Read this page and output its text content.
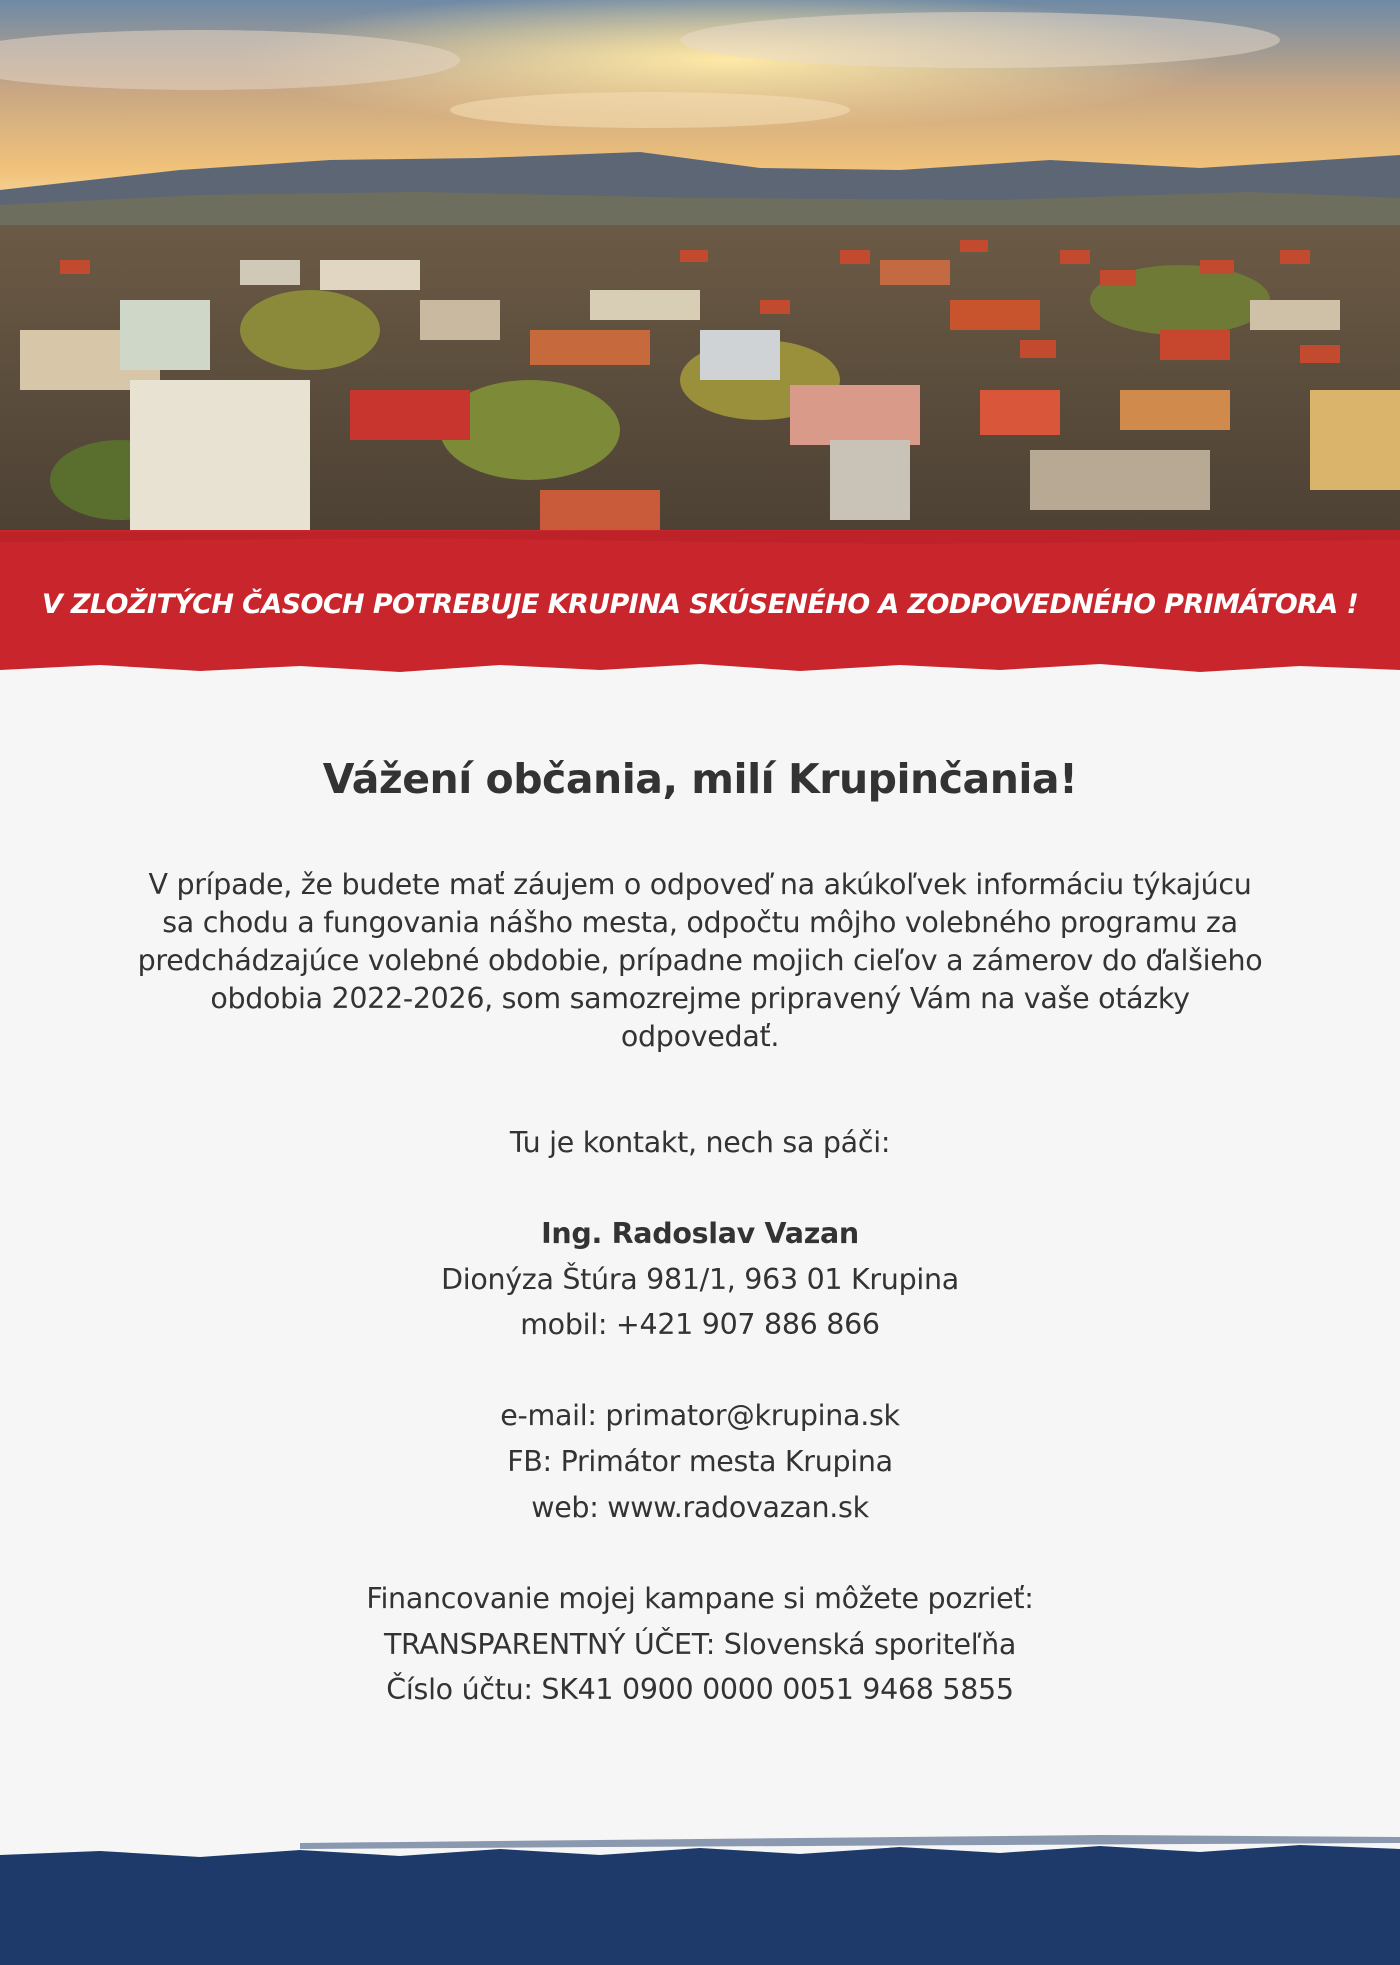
V ZLOŽITÝCH ČASOCH POTREBUJE KRUPINA SKÚSENÉHO A ZODPOVEDNÉHO PRIMÁTORA !
Vážení občania, milí Krupinčania!
V prípade, že budete mať záujem o odpoveď na akúkoľvek informáciu týkajúcu
sa chodu a fungovania nášho mesta, odpočtu môjho volebného programu za
predchádzajúce volebné obdobie, prípadne mojich cieľov a zámerov do ďalšieho
obdobia 2022-2026, som samozrejme pripravený Vám na vaše otázky
odpovedať.
Tu je kontakt, nech sa páči:
Ing. Radoslav Vazan
Dionýza Štúra 981/1, 963 01 Krupina
mobil: +421 907 886 866
e-mail: primator@krupina.sk
FB: Primátor mesta Krupina
web: www.radovazan.sk
Financovanie mojej kampane si môžete pozrieť:
TRANSPARENTNÝ ÚČET: Slovenská sporiteľňa
Číslo účtu: SK41 0900 0000 0051 9468 5855
